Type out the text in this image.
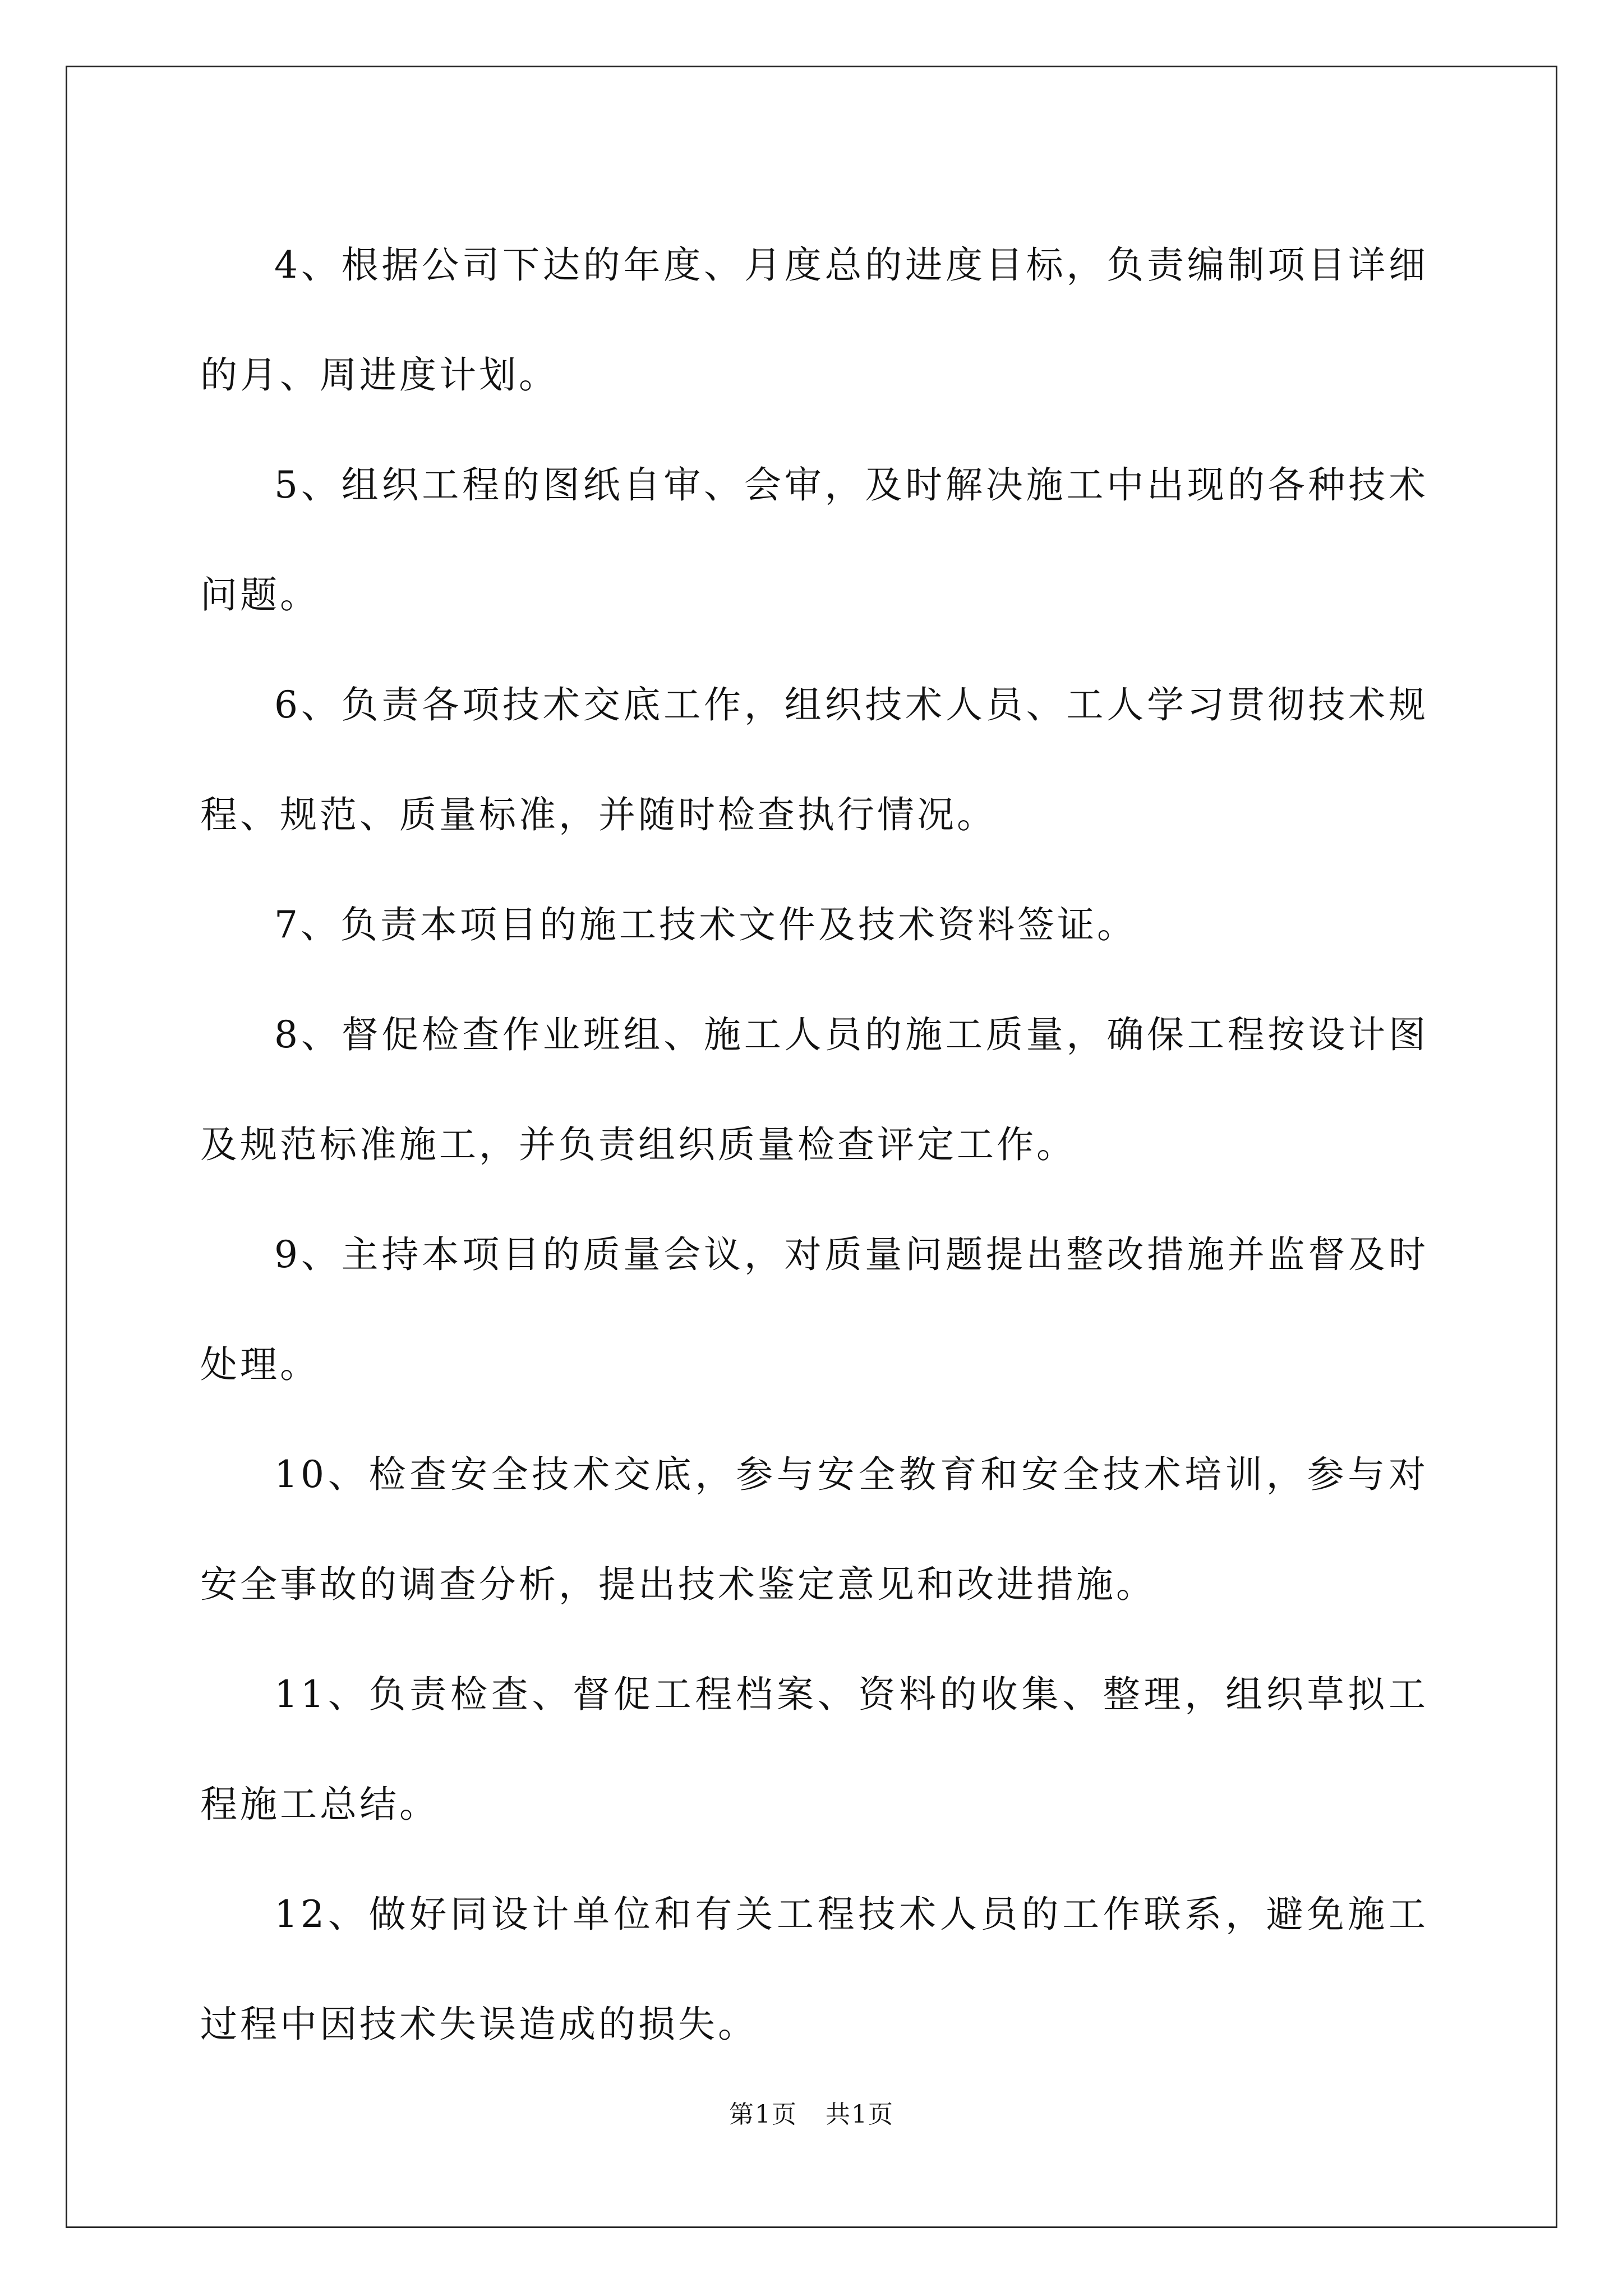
4、根据公司下达的年度、月度总的进度目标，负责编制项目详细的月、周进度计划。

5、组织工程的图纸自审、会审，及时解决施工中出现的各种技术问题。

6、负责各项技术交底工作，组织技术人员、工人学习贯彻技术规程、规范、质量标准，并随时检查执行情况。

7、负责本项目的施工技术文件及技术资料签证。

8、督促检查作业班组、施工人员的施工质量，确保工程按设计图及规范标准施工，并负责组织质量检查评定工作。

9、主持本项目的质量会议，对质量问题提出整改措施并监督及时处理。

10、检查安全技术交底，参与安全教育和安全技术培训，参与对安全事故的调查分析，提出技术鉴定意见和改进措施。

11、负责检查、督促工程档案、资料的收集、整理，组织草拟工程施工总结。

12、做好同设计单位和有关工程技术人员的工作联系，避免施工过程中因技术失误造成的损失。

第1页 共1页
